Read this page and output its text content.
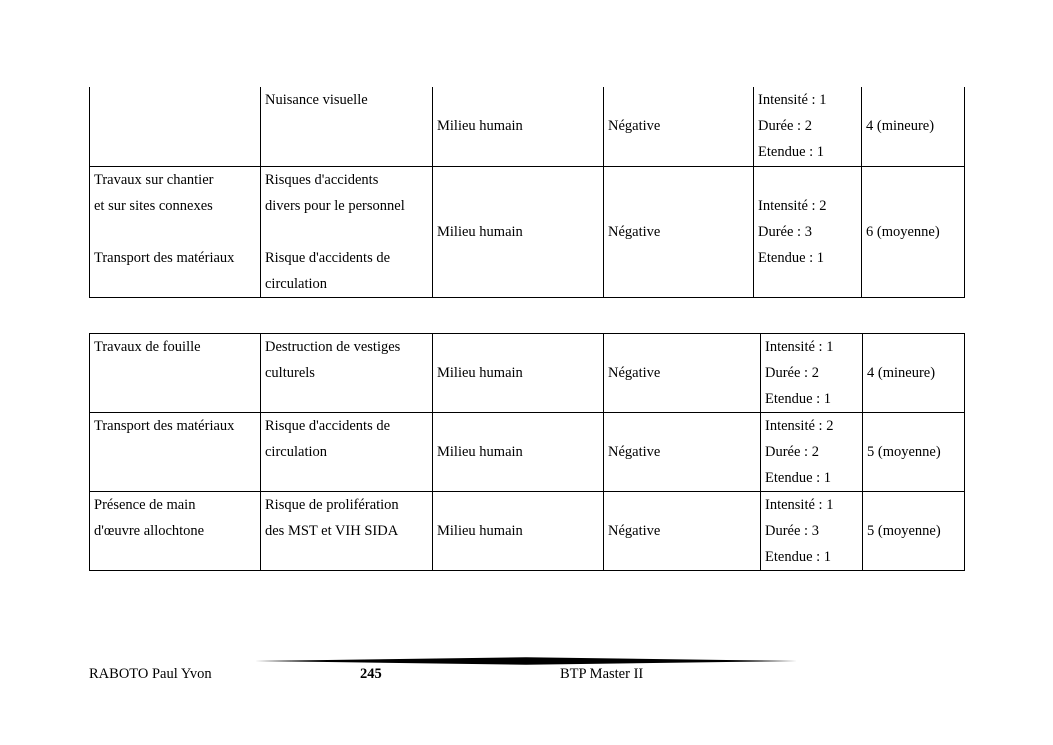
	Nuisance visuelle	Milieu humain	Négative	Intensité : 1
Durée : 2
Etendue : 1	4 (mineure)

Travaux sur chantier
et sur sites connexes
Transport des matériaux	Risques d'accidents
divers pour le personnel
Risque d'accidents de
circulation	Milieu humain	Négative	Intensité : 2
Durée : 3
Etendue : 1	6 (moyenne)
Travaux de fouille	Destruction de vestiges
culturels	Milieu humain	Négative	Intensité : 1
Durée : 2
Etendue : 1	4 (mineure)

Transport des matériaux	Risque d'accidents de
circulation	Milieu humain	Négative	Intensité : 2
Durée : 2
Etendue : 1	5 (moyenne)

Présence de main
d'œuvre allochtone	Risque de prolifération
des MST et VIH SIDA	Milieu humain	Négative	Intensité : 1
Durée : 3
Etendue : 1	5 (moyenne)
RABOTO Paul Yvon	245	BTP Master II
